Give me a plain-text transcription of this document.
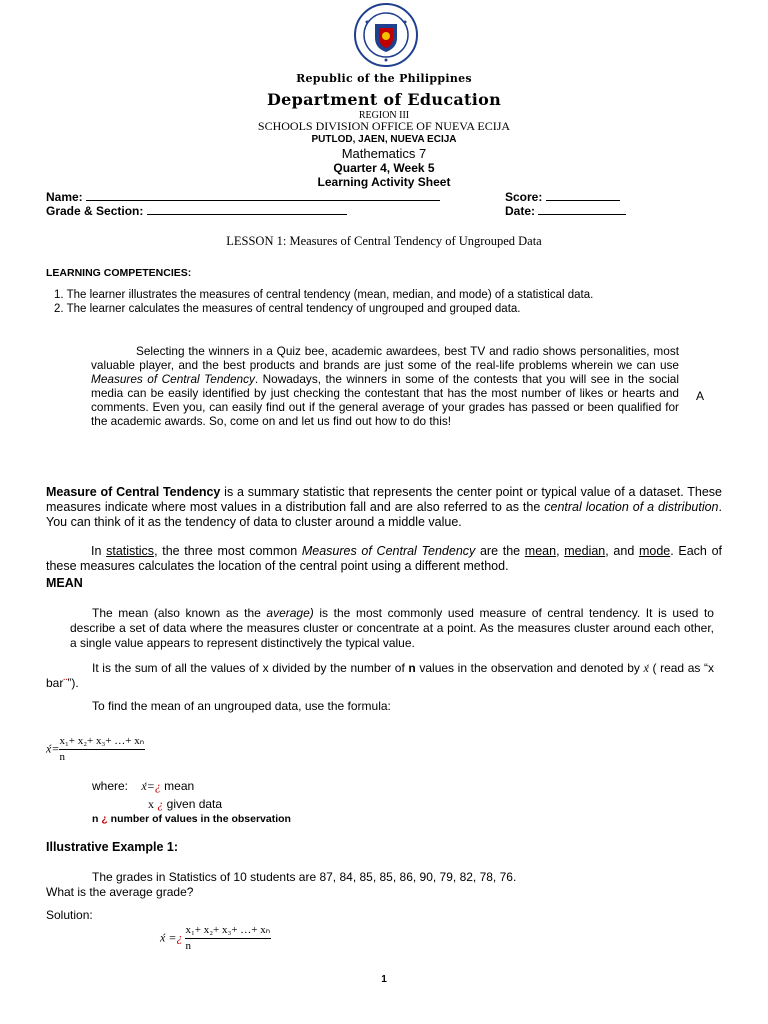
Republic of the Philippines
Department of Education
REGION III
SCHOOLS DIVISION OFFICE OF NUEVA ECIJA
PUTLOD, JAEN, NUEVA ECIJA
Mathematics 7
Quarter 4, Week 5
Learning Activity Sheet
Name:	Score:
Grade & Section:	Date:
LESSON 1: Measures of Central Tendency of Ungrouped Data
LEARNING COMPETENCIES:
1. The learner illustrates the measures of central tendency (mean, median, and mode) of a statistical data.
2. The learner calculates the measures of central tendency of ungrouped and grouped data.
Selecting the winners in a Quiz bee, academic awardees, best TV and radio shows personalities, most valuable player, and the best products and brands are just some of the real-life problems wherein we can use Measures of Central Tendency. Nowadays, the winners in some of the contests that you will see in the social media can be easily identified by just checking the contestant that has the most number of likes or hearts and comments. Even you, can easily find out if the general average of your grades has passed or been qualified for the academic awards. So, come on and let us find out how to do this!
A
Measure of Central Tendency is a summary statistic that represents the center point or typical value of a dataset. These measures indicate where most values in a distribution fall and are also referred to as the central location of a distribution. You can think of it as the tendency of data to cluster around a middle value.
In statistics, the three most common Measures of Central Tendency are the mean, median, and mode. Each of these measures calculates the location of the central point using a different method.
MEAN
The mean (also known as the average) is the most commonly used measure of central tendency. It is used to describe a set of data where the measures cluster or concentrate at a point. As the measures cluster around each other, a single value appears to represent distinctively the typical value.
It is the sum of all the values of x divided by the number of n values in the observation and denoted by x́ ( read as “x bar¨”).
To find the mean of an ungrouped data, use the formula:
x́= $\frac{\text{x₁+ x₂+ x₃+ …+ xₙ}}{n}$
where: x́=¿ mean
x ¿ given data
n ¿ number of values in the observation
Illustrative Example 1:
The grades in Statistics of 10 students are 87, 84, 85, 85, 86, 90, 79, 82, 78, 76.
What is the average grade?
Solution:
x́ =¿ $\frac{\text{x₁+ x₂+ x₃+ …+ xₙ}}{n}$
1
